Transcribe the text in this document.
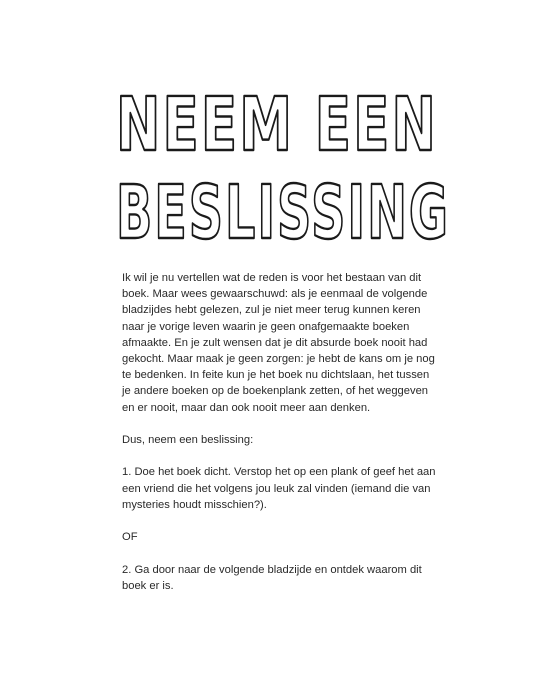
NEEM EEN
BESLISSING

Ik wil je nu vertellen wat de reden is voor het bestaan van dit boek. Maar wees gewaarschuwd: als je eenmaal de volgende bladzijdes hebt gelezen, zul je niet meer terug kunnen keren naar je vorige leven waarin je geen onafgemaakte boeken afmaakte. En je zult wensen dat je dit absurde boek nooit had gekocht. Maar maak je geen zorgen: je hebt de kans om je nog te bedenken. In feite kun je het boek nu dichtslaan, het tussen je andere boeken op de boekenplank zetten, of het weggeven en er nooit, maar dan ook nooit meer aan denken.

Dus, neem een beslissing:

1. Doe het boek dicht. Verstop het op een plank of geef het aan een vriend die het volgens jou leuk zal vinden (iemand die van mysteries houdt misschien?).

OF

2. Ga door naar de volgende bladzijde en ontdek waarom dit boek er is.
